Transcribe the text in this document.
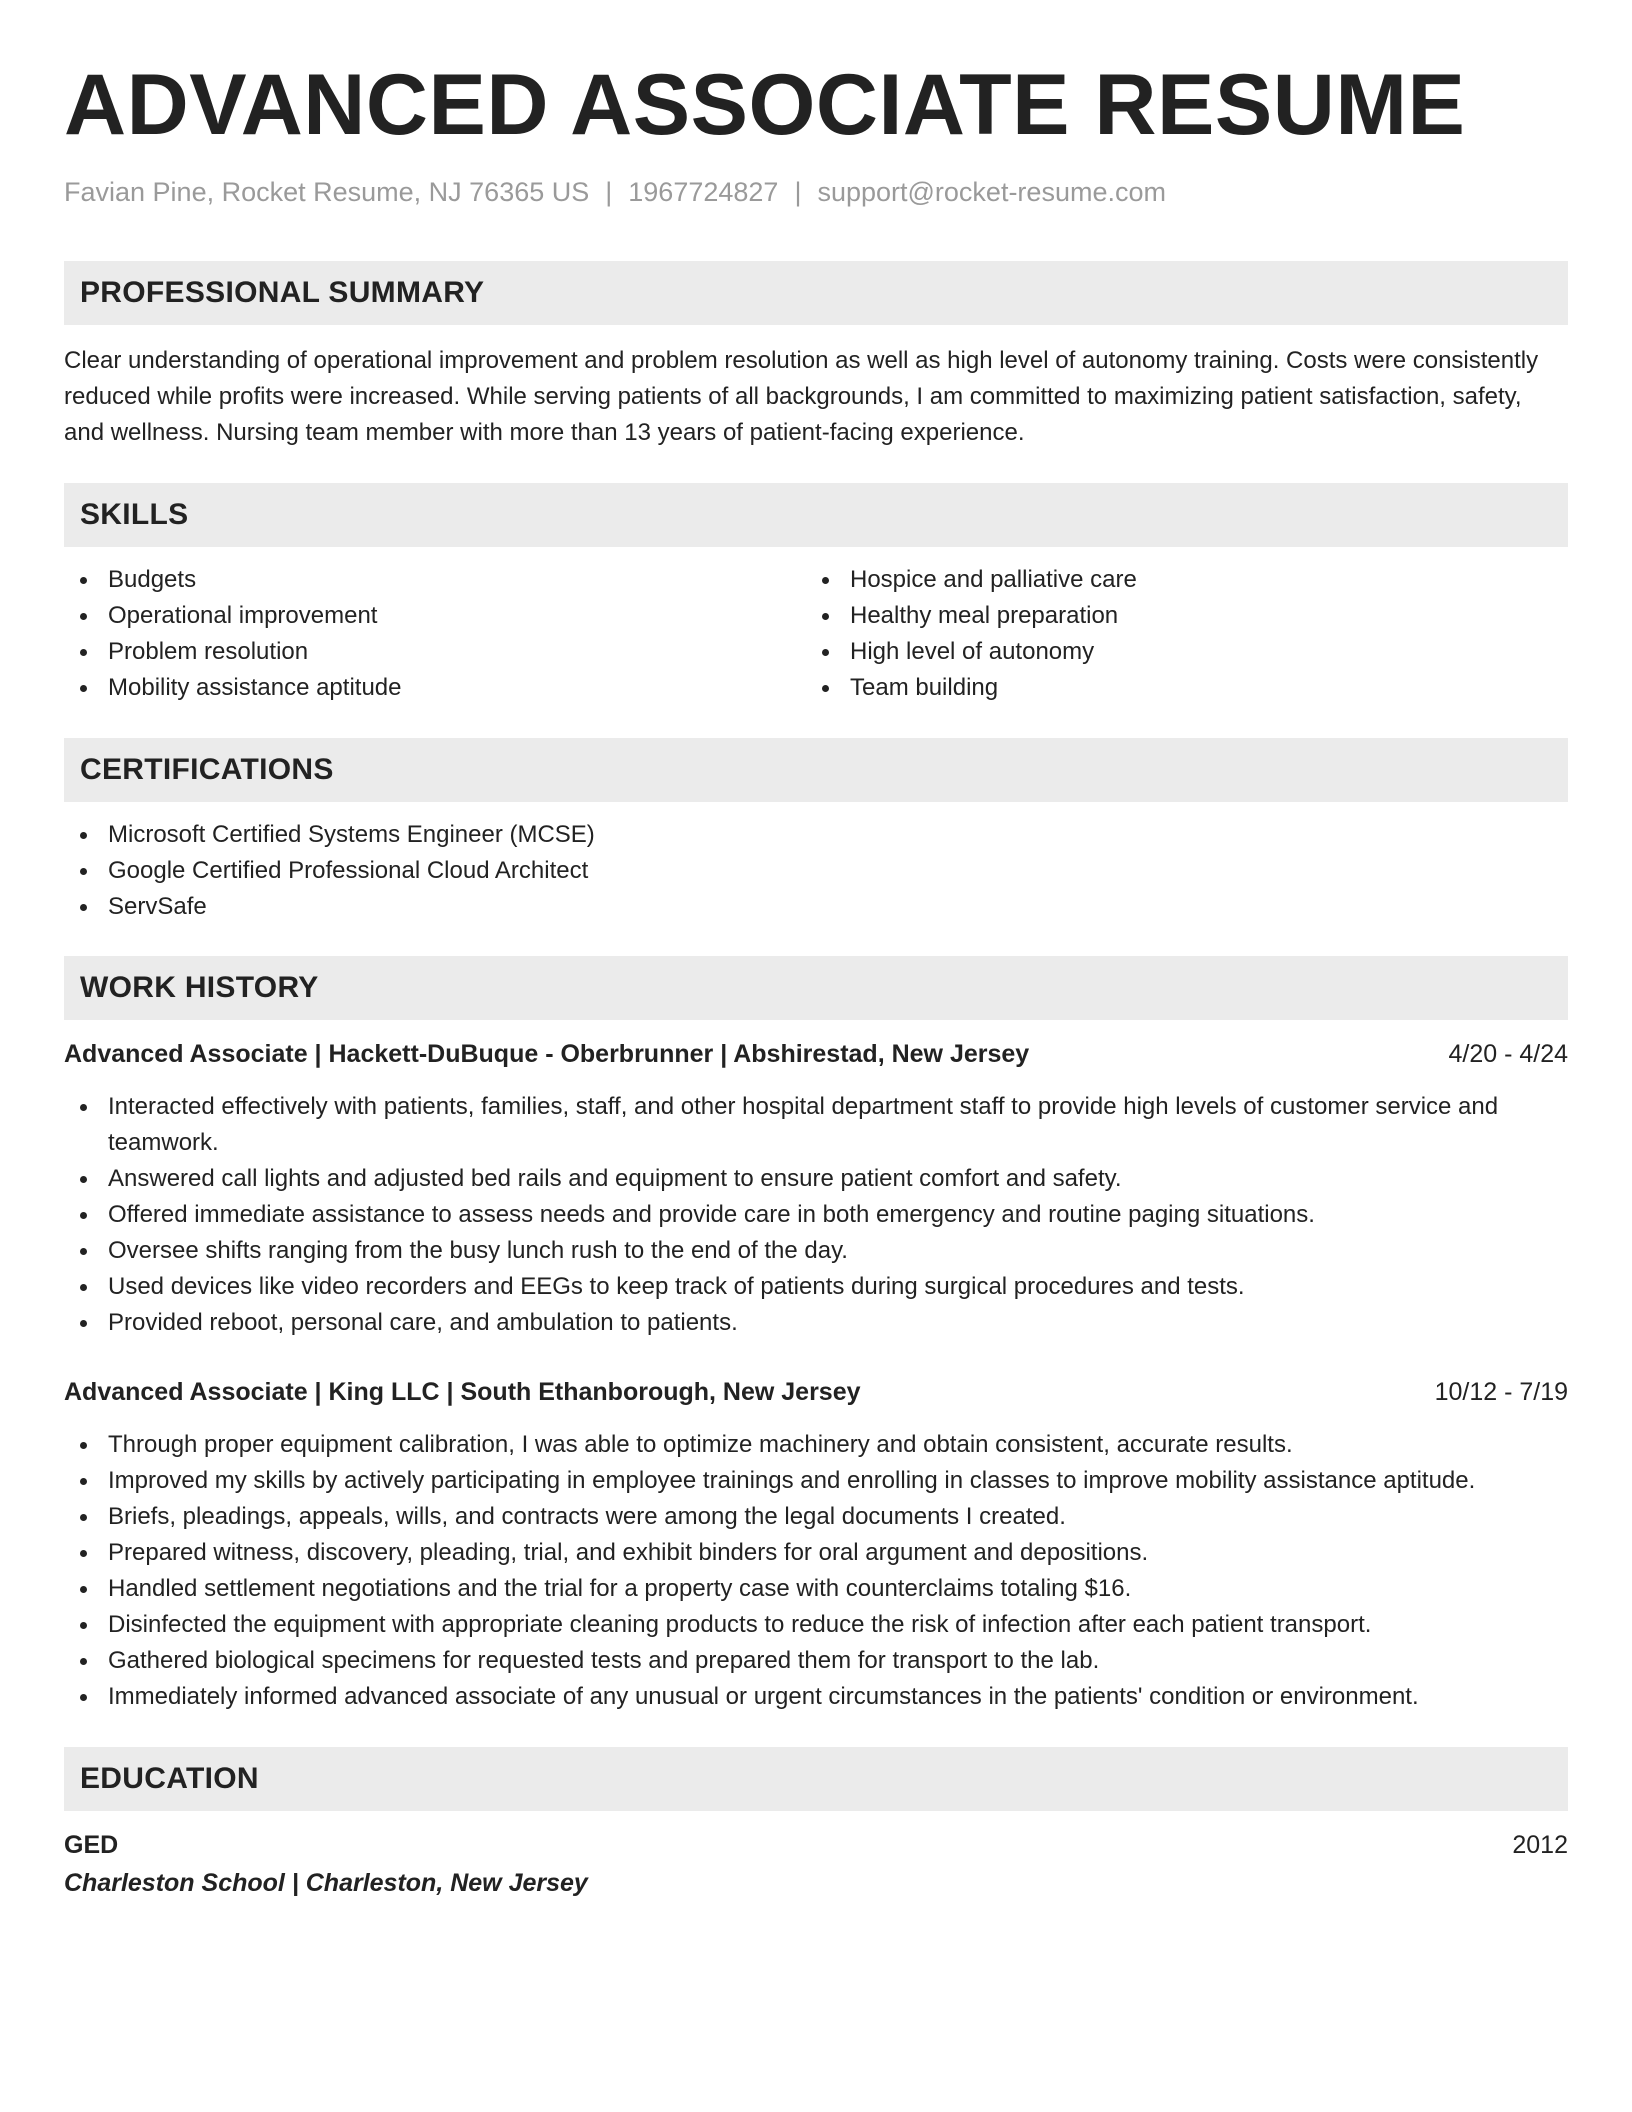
ADVANCED ASSOCIATE RESUME
Favian Pine, Rocket Resume, NJ 76365 US | 1967724827 | support@rocket-resume.com
PROFESSIONAL SUMMARY

Clear understanding of operational improvement and problem resolution as well as high level of autonomy training. Costs were consistently reduced while profits were increased. While serving patients of all backgrounds, I am committed to maximizing patient satisfaction, safety, and wellness. Nursing team member with more than 13 years of patient-facing experience.

SKILLS
Budgets
Operational improvement
Problem resolution
Mobility assistance aptitude
Hospice and palliative care
Healthy meal preparation
High level of autonomy
Team building
CERTIFICATIONS
Microsoft Certified Systems Engineer (MCSE)
Google Certified Professional Cloud Architect
ServSafe
WORK HISTORY
Advanced Associate | Hackett-DuBuque - Oberbrunner | Abshirestad, New Jersey	4/20 - 4/24
Interacted effectively with patients, families, staff, and other hospital department staff to provide high levels of customer service and teamwork.
Answered call lights and adjusted bed rails and equipment to ensure patient comfort and safety.
Offered immediate assistance to assess needs and provide care in both emergency and routine paging situations.
Oversee shifts ranging from the busy lunch rush to the end of the day.
Used devices like video recorders and EEGs to keep track of patients during surgical procedures and tests.
Provided reboot, personal care, and ambulation to patients.
Advanced Associate | King LLC | South Ethanborough, New Jersey	10/12 - 7/19
Through proper equipment calibration, I was able to optimize machinery and obtain consistent, accurate results.
Improved my skills by actively participating in employee trainings and enrolling in classes to improve mobility assistance aptitude.
Briefs, pleadings, appeals, wills, and contracts were among the legal documents I created.
Prepared witness, discovery, pleading, trial, and exhibit binders for oral argument and depositions.
Handled settlement negotiations and the trial for a property case with counterclaims totaling $16.
Disinfected the equipment with appropriate cleaning products to reduce the risk of infection after each patient transport.
Gathered biological specimens for requested tests and prepared them for transport to the lab.
Immediately informed advanced associate of any unusual or urgent circumstances in the patients' condition or environment.
EDUCATION
GED	2012
Charleston School | Charleston, New Jersey
